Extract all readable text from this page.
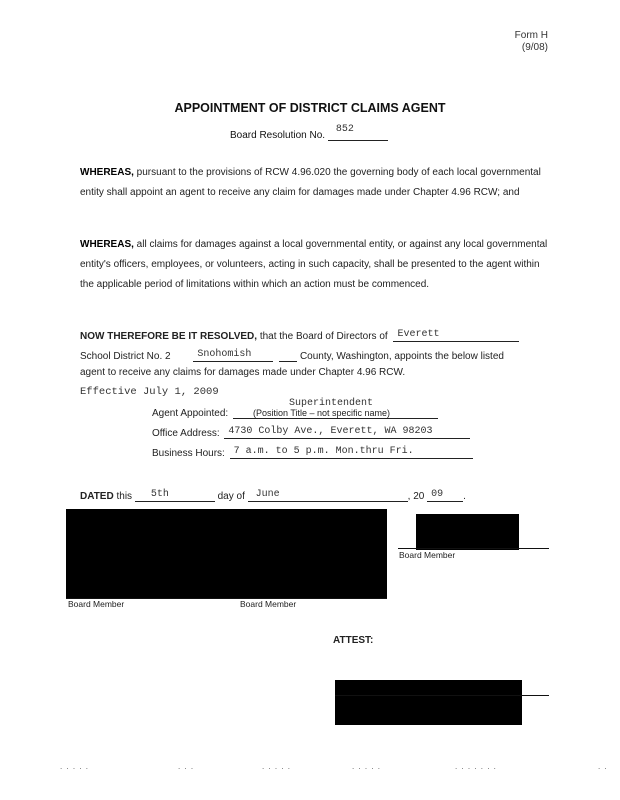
Form H
(9/08)
APPOINTMENT OF DISTRICT CLAIMS AGENT
Board Resolution No.
852
WHEREAS, pursuant to the provisions of RCW 4.96.020 the governing body of each local governmental entity shall appoint an agent to receive any claim for damages made under Chapter 4.96 RCW; and
WHEREAS, all claims for damages against a local governmental entity, or against any local governmental entity's officers, employees, or volunteers, acting in such capacity, shall be presented to the agent within the applicable period of limitations within which an action must be commenced.
NOW THEREFORE BE IT RESOLVED, that the Board of Directors of Everett
School District No. 2	Snohomish	County, Washington, appoints the below listed
agent to receive any claims for damages made under Chapter 4.96 RCW.
Effective July 1, 2009
Agent Appointed:
Superintendent
(Position Title – not specific name)
Office Address: 4730 Colby Ave., Everett, WA 98203
Business Hours: 7 a.m. to 5 p.m. Mon.thru Fri.
DATED this 5th	day of June	, 20 09 .
Board Member	Board Member
Board Member
ATTEST:
. . . . .	. . .	. . . . .	. . . . .	. . . . . . .	. .
